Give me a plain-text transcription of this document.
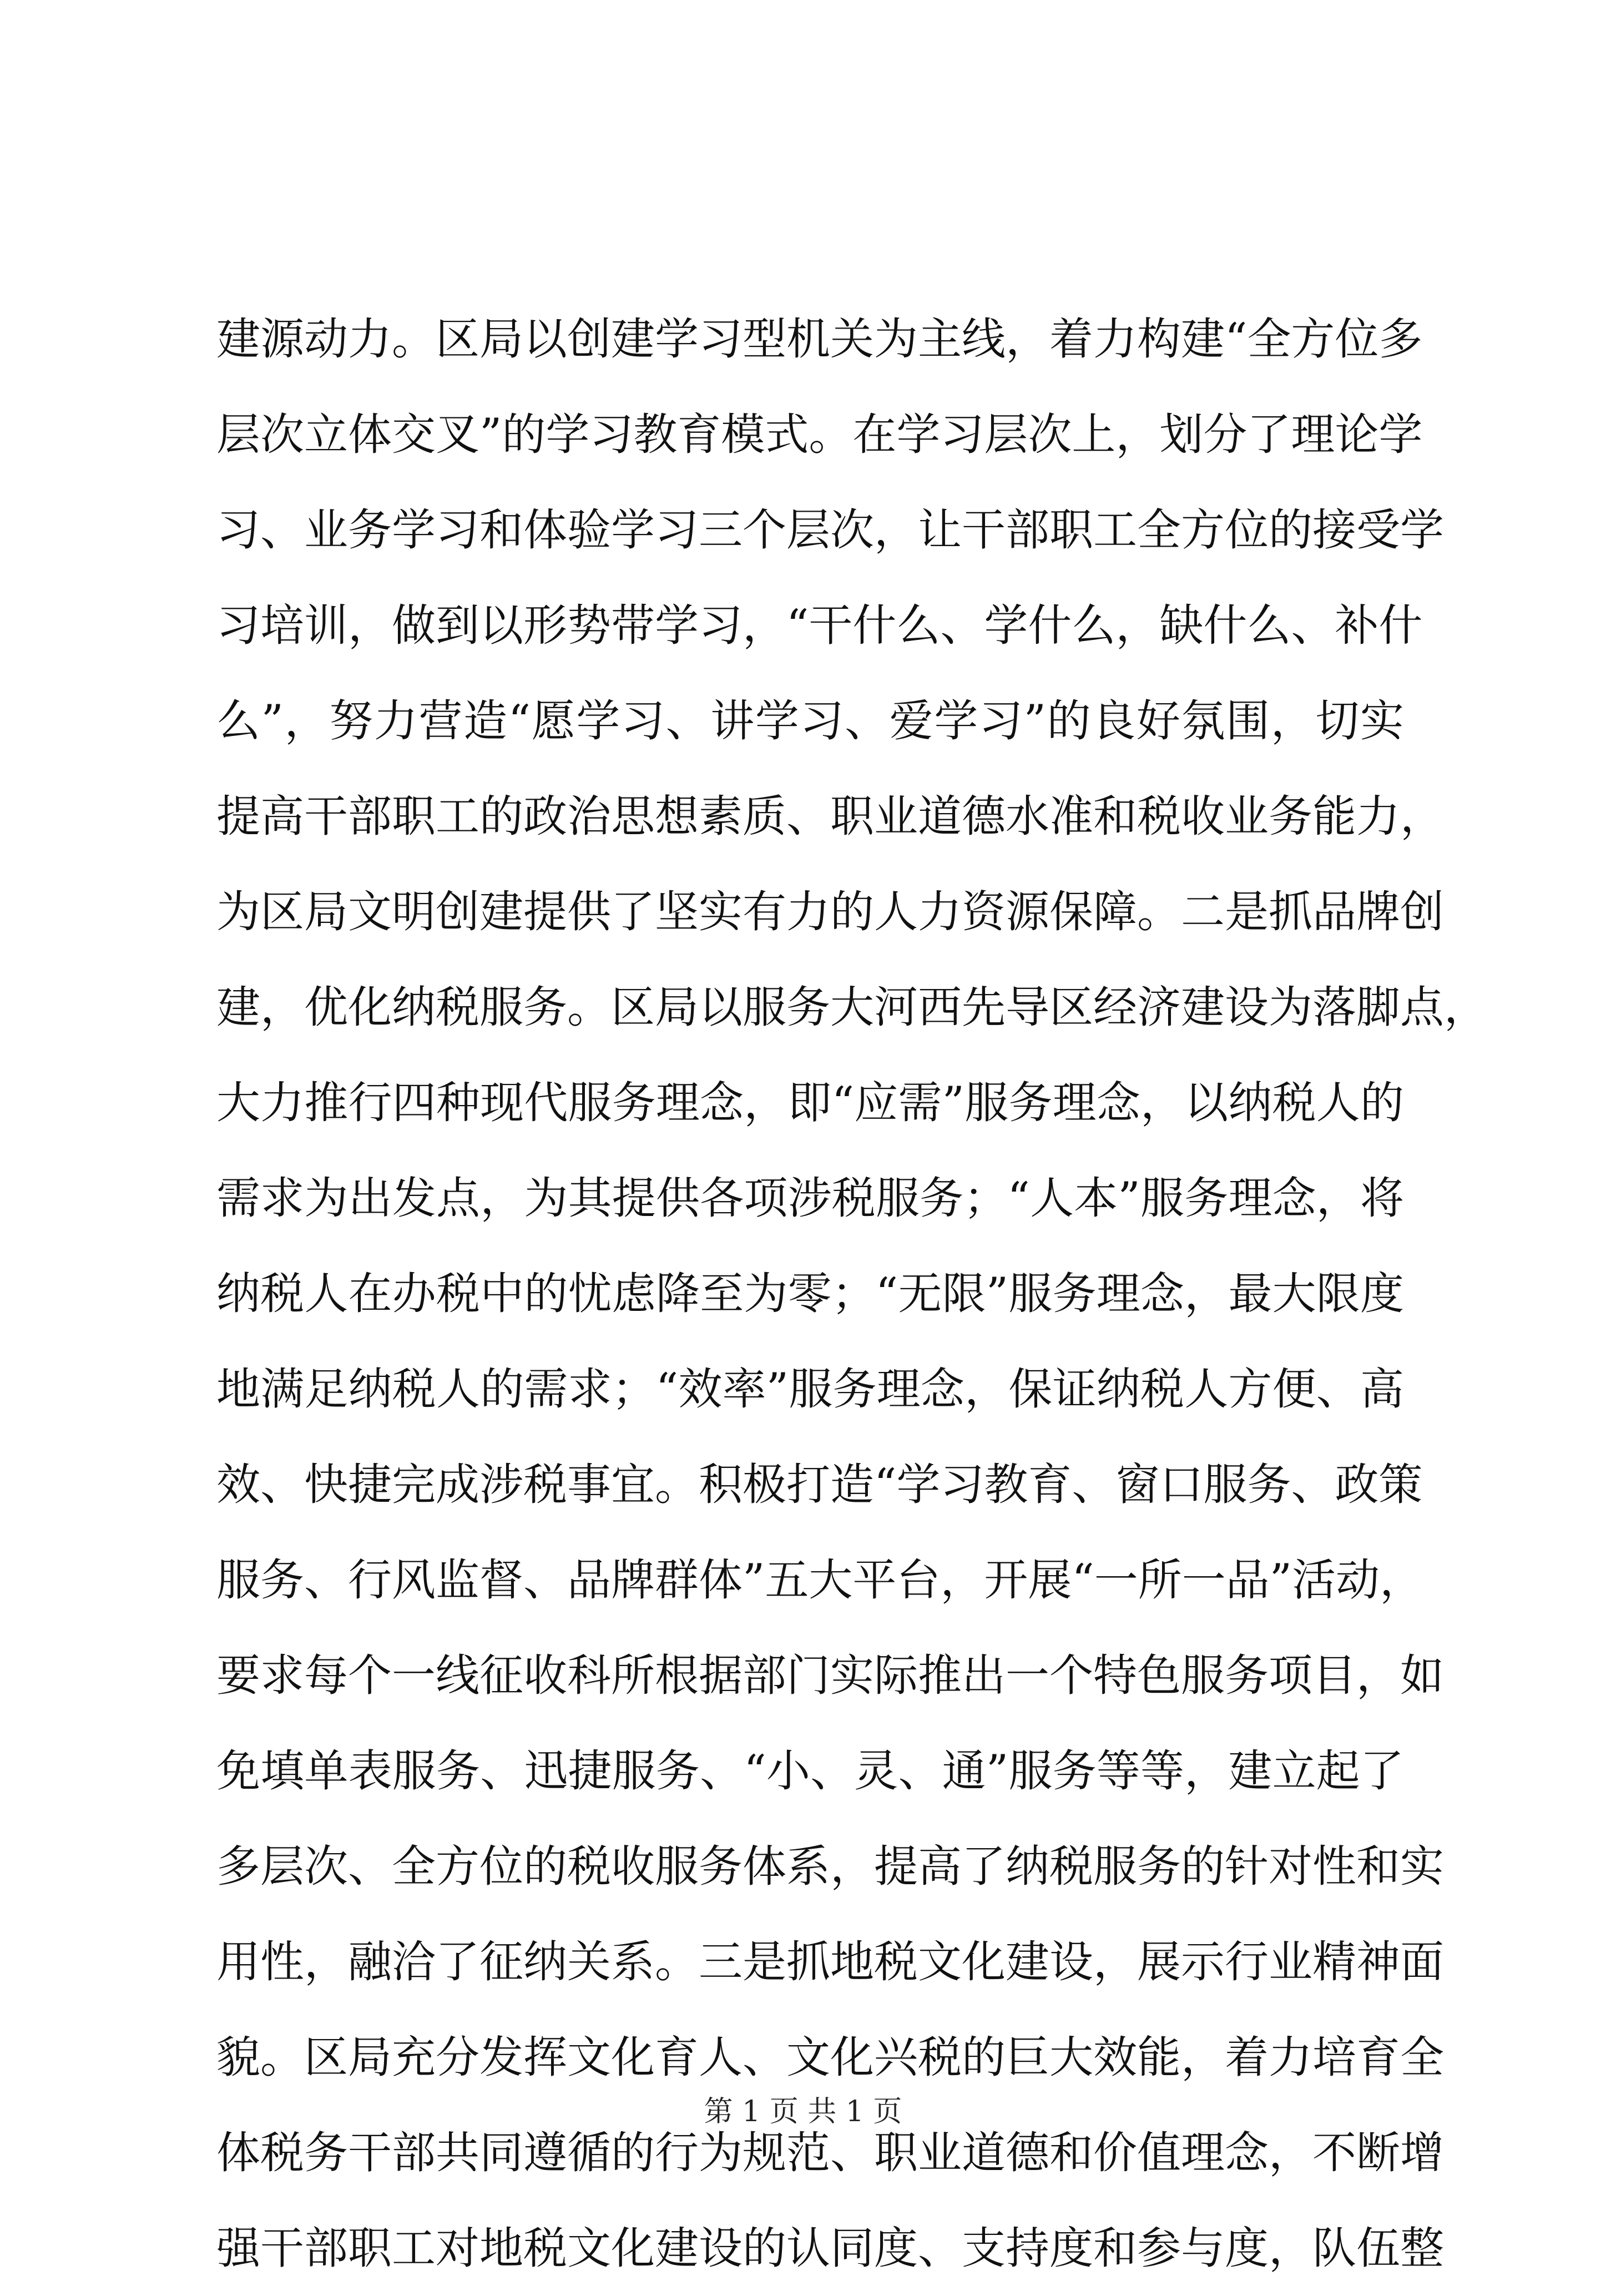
建源动力。区局以创建学习型机关为主线，着力构建“全方位多
层次立体交叉”的学习教育模式。在学习层次上，划分了理论学
习、业务学习和体验学习三个层次，让干部职工全方位的接受学
习培训，做到以形势带学习，“干什么、学什么，缺什么、补什
么”，努力营造“愿学习、讲学习、爱学习”的良好氛围，切实
提高干部职工的政治思想素质、职业道德水准和税收业务能力，
为区局文明创建提供了坚实有力的人力资源保障。二是抓品牌创
建，优化纳税服务。区局以服务大河西先导区经济建设为落脚点，
大力推行四种现代服务理念，即“应需”服务理念，以纳税人的
需求为出发点，为其提供各项涉税服务；“人本”服务理念，将
纳税人在办税中的忧虑降至为零；“无限”服务理念，最大限度
地满足纳税人的需求；“效率”服务理念，保证纳税人方便、高
效、快捷完成涉税事宜。积极打造“学习教育、窗口服务、政策
服务、行风监督、品牌群体”五大平台，开展“一所一品”活动，
要求每个一线征收科所根据部门实际推出一个特色服务项目，如
免填单表服务、迅捷服务、“小、灵、通”服务等等，建立起了
多层次、全方位的税收服务体系，提高了纳税服务的针对性和实
用性，融洽了征纳关系。三是抓地税文化建设，展示行业精神面
貌。区局充分发挥文化育人、文化兴税的巨大效能，着力培育全
体税务干部共同遵循的行为规范、职业道德和价值理念，不断增
强干部职工对地税文化建设的认同度、支持度和参与度，队伍整
第 1 页 共 1 页
